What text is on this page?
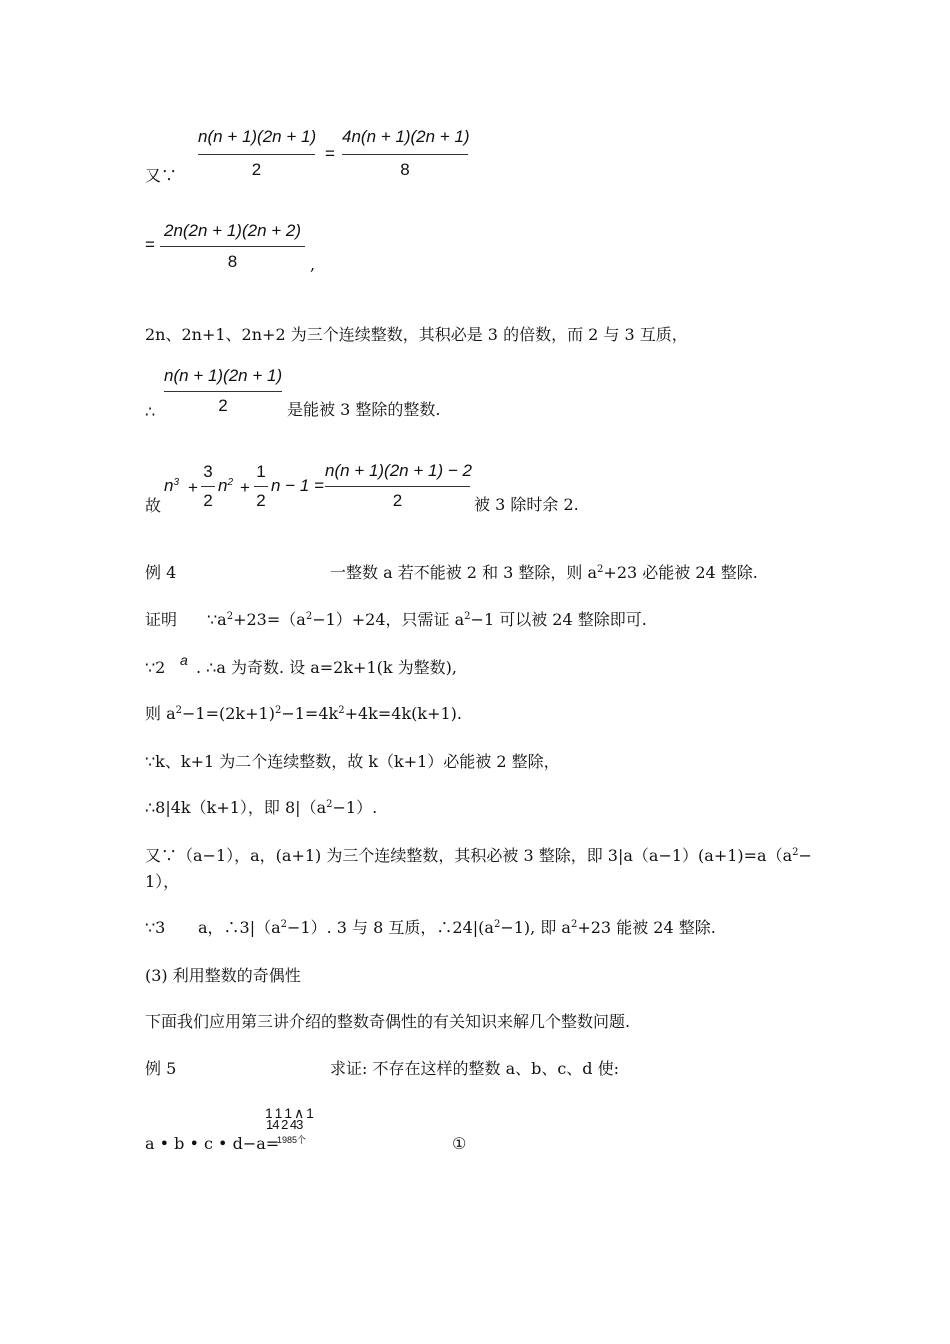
又∵
n(n + 1)(2n + 1)
2
=
4n(n + 1)(2n + 1)
8
=
2n(2n + 1)(2n + 2)
8	,
2n、2n+1、2n+2 为三个连续整数，其积必是 3 的倍数，而 2 与 3 互质，
∴
n(n + 1)(2n + 1)
2	是能被 3 整除的整数.
故
$n^3$ +
3
2
$n^2$ +
1
2
n − 1 =
n(n + 1)(2n + 1) − 2
2	被 3 除时余 2.
例 4	一整数 a 若不能被 2 和 3 整除，则 $a^2+23$ 必能被 24 整除.
证明 $\because a^2+23=(a^2-1)+24$，只需证 $a^2-1$ 可以被 24 整除即可.
∵2 a . ∴a 为奇数. 设 a=2k+1(k 为整数),
则 $a^2-1=(2k+1)^2-1=4k^2+4k=4k(k+1)$.
∵k、k+1 为二个连续整数，故 k（k+1）必能被 2 整除，
∴8|4k（k+1），即 $8|(a^2-1)$.
又∵（a−1），a，(a+1) 为三个连续整数，其积必被 3 整除，即 $3|a(a-1)(a+1)=a(a^2-$
1），
∵3 a，$\therefore 3|(a^2-1)$. 3 与 8 互质，$\therefore 24|(a^2-1)$, 即 $a^2+23$ 能被 24 整除.
(3) 利用整数的奇偶性
下面我们应用第三讲介绍的整数奇偶性的有关知识来解几个整数问题.
例 5	求证: 不存在这样的整数 a、b、c、d 使:
a • b • c • d−a=
1 1 1 ∧ 1
14 2 43
1985个	①
